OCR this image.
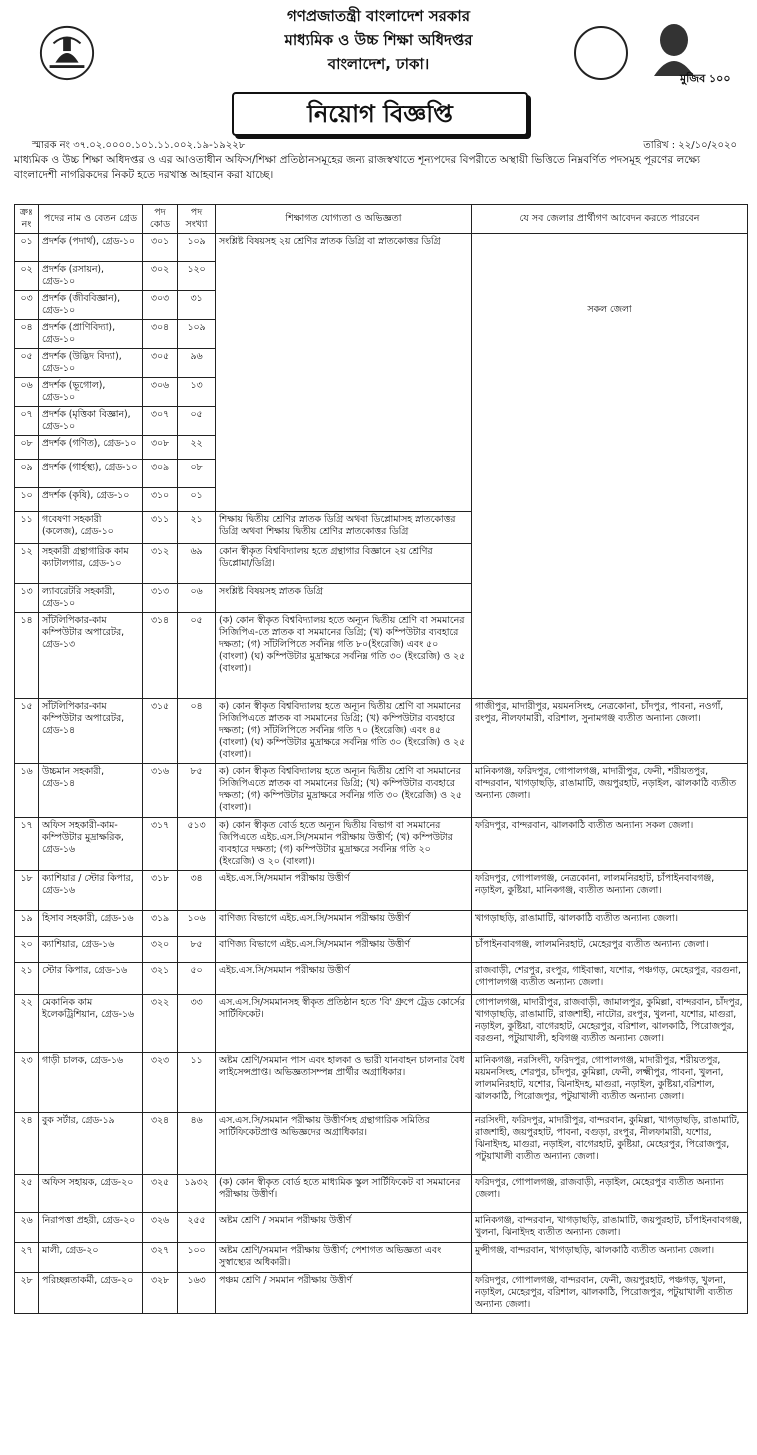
মুজিব ১০০
গণপ্রজাতন্ত্রী বাংলাদেশ সরকার
মাধ্যমিক ও উচ্চ শিক্ষা অধিদপ্তর
বাংলাদেশ, ঢাকা।
নিয়োগ বিজ্ঞপ্তি
স্মারক নং ৩৭.০২.০০০০.১০১.১১.০০২.১৯-১৯২২৮	তারিখ : ২২/১০/২০২০
মাধ্যমিক ও উচ্চ শিক্ষা অধিদপ্তর ও এর আওতাধীন অফিস/শিক্ষা প্রতিষ্ঠানসমূহের জন্য রাজস্বখাতে শূন্যপদের বিপরীতে অস্থায়ী ভিত্তিতে নিম্নবর্ণিত পদসমূহ পূরণের লক্ষ্যে বাংলাদেশী নাগরিকদের নিকট হতে দরখাস্ত আহবান করা যাচ্ছে।
ক্রঃ নং	পদের নাম ও বেতন গ্রেড	পদ কোড	পদ সংখ্যা	শিক্ষাগত যোগ্যতা ও অভিজ্ঞতা	যে সব জেলার প্রার্থীগণ আবেদন করতে পারবেন
০১	প্রদর্শক (পদার্থ), গ্রেড-১০	৩০১	১০৯	সংশ্লিষ্ট বিষয়সহ ২য় শ্রেণির স্নাতক ডিগ্রি বা স্নাতকোত্তর ডিগ্রি	সকল জেলা
০২	প্রদর্শক (রসায়ন), গ্রেড-১০	৩০২	১২০		
০৩	প্রদর্শক (জীববিজ্ঞান), গ্রেড-১০	৩০৩	৩১		
০৪	প্রদর্শক (প্রাণিবিদ্যা), গ্রেড-১০	৩০৪	১০৯		
০৫	প্রদর্শক (উদ্ভিদ বিদ্যা), গ্রেড-১০	৩০৫	৯৬		
০৬	প্রদর্শক (ভূগোল), গ্রেড-১০	৩০৬	১৩		
০৭	প্রদর্শক (মৃত্তিকা বিজ্ঞান), গ্রেড-১০	৩০৭	০৫		
০৮	প্রদর্শক (গণিত), গ্রেড-১০	৩০৮	২২		
০৯	প্রদর্শক (গার্হস্থ্য), গ্রেড-১০	৩০৯	০৮		
১০	প্রদর্শক (কৃষি), গ্রেড-১০	৩১০	০১		
১১	গবেষণা সহকারী (কলেজ), গ্রেড-১০	৩১১	২১	শিক্ষায় দ্বিতীয় শ্রেণির স্নাতক ডিগ্রি অথবা ডিপ্লোমাসহ স্নাতকোত্তর ডিগ্রি অথবা শিক্ষায় দ্বিতীয় শ্রেণির স্নাতকোত্তর ডিগ্রি	
১২	সহকারী গ্রন্থাগারিক কাম ক্যাটালগার, গ্রেড-১০	৩১২	৬৯	কোন স্বীকৃত বিশ্ববিদ্যালয় হতে গ্রন্থাগার বিজ্ঞানে ২য় শ্রেণির ডিপ্লোমা/ডিগ্রি।	
১৩	ল্যাবরেটরি সহকারী, গ্রেড-১০	৩১৩	০৬	সংশ্লিষ্ট বিষয়সহ স্নাতক ডিগ্রি	
১৪	সাঁটলিপিকার-কাম কম্পিউটার অপারেটর, গ্রেড-১৩	৩১৪	০৫	(ক) কোন স্বীকৃত বিশ্ববিদ্যালয় হতে অন্যূন দ্বিতীয় শ্রেণি বা সমমানের সিজিপিএ-তে স্নাতক বা সমমানের ডিগ্রি; (খ) কম্পিউটার ব্যবহারে দক্ষতা; (গ) সাঁটলিপিতে সর্বনিম্ন গতি ৮০(ইংরেজি) এবং ৫০ (বাংলা) (ঘ) কম্পিউটার মুদ্রাক্ষরে সর্বনিম্ন গতি ৩০ (ইংরেজি) ও ২৫ (বাংলা)।	
১৫	সাঁটলিপিকার-কাম কম্পিউটার অপারেটর, গ্রেড-১৪	৩১৫	০৪	ক) কোন স্বীকৃত বিশ্ববিদ্যালয় হতে অন্যূন দ্বিতীয় শ্রেণি বা সমমানের সিজিপিএতে স্নাতক বা সমমানের ডিগ্রি; (খ) কম্পিউটার ব্যবহারে দক্ষতা; (গ) সাঁটলিপিতে সর্বনিম্ন গতি ৭০ (ইংরেজি) এবং ৪৫ (বাংলা) (ঘ) কম্পিউটার মুদ্রাক্ষরে সর্বনিম্ন গতি ৩০ (ইংরেজি) ও ২৫ (বাংলা)।	গাজীপুর, মাদারীপুর, ময়মনসিংহ, নেত্রকোনা, চাঁদপুর, পাবনা, নওগাঁ, রংপুর, নীলফামারী, বরিশাল, সুনামগঞ্জ ব্যতীত অন্যান্য জেলা।
১৬	উচ্চমান সহকারী, গ্রেড-১৪	৩১৬	৮৫	ক) কোন স্বীকৃত বিশ্ববিদ্যালয় হতে অন্যূন দ্বিতীয় শ্রেণি বা সমমানের সিজিপিএতে স্নাতক বা সমমানের ডিগ্রি; (খ) কম্পিউটার ব্যবহারে দক্ষতা; (গ) কম্পিউটার মুদ্রাক্ষরে সর্বনিম্ন গতি ৩০ (ইংরেজি) ও ২৫ (বাংলা)।	মানিকগঞ্জ, ফরিদপুর, গোপালগঞ্জ, মাদারীপুর, ফেনী, শরীয়তপুর, বান্দরবান, খাগড়াছড়ি, রাঙামাটি, জয়পুরহাট, নড়াইল, ঝালকাঠি ব্যতীত অন্যান্য জেলা।
১৭	অফিস সহকারী-কাম-কম্পিউটার মুদ্রাক্ষরিক, গ্রেড-১৬	৩১৭	৫১৩	ক) কোন স্বীকৃত বোর্ড হতে অন্যূন দ্বিতীয় বিভাগ বা সমমানের জিপিএতে এইচ.এস.সি/সমমান পরীক্ষায় উত্তীর্ণ; (খ) কম্পিউটার ব্যবহারে দক্ষতা; (গ) কম্পিউটার মুদ্রাক্ষরে সর্বনিম্ন গতি ২০ (ইংরেজি) ও ২০ (বাংলা)।	ফরিদপুর, বান্দরবান, ঝালকাঠি ব্যতীত অন্যান্য সকল জেলা।
১৮	ক্যাশিয়ার / স্টোর কিপার, গ্রেড-১৬	৩১৮	৩৪	এইচ.এস.সি/সমমান পরীক্ষায় উত্তীর্ণ	ফরিদপুর, গোপালগঞ্জ, নেত্রকোনা, লালমনিরহাট, চাঁপাইনবাবগঞ্জ, নড়াইল, কুষ্টিয়া, মানিকগঞ্জ, ব্যতীত অন্যান্য জেলা।
১৯	হিসাব সহকারী, গ্রেড-১৬	৩১৯	১০৬	বাণিজ্য বিভাগে এইচ.এস.সি/সমমান পরীক্ষায় উত্তীর্ণ	খাগড়াছড়ি, রাঙামাটি, ঝালকাঠি ব্যতীত অন্যান্য জেলা।
২০	ক্যাশিয়ার, গ্রেড-১৬	৩২০	৮৫	বাণিজ্য বিভাগে এইচ.এস.সি/সমমান পরীক্ষায় উত্তীর্ণ	চাঁপাইনবাবগঞ্জ, লালমনিরহাট, মেহেরপুর ব্যতীত অন্যান্য জেলা।
২১	স্টোর কিপার, গ্রেড-১৬	৩২১	৫০	এইচ.এস.সি/সমমান পরীক্ষায় উত্তীর্ণ	রাজবাড়ী, শেরপুর, রংপুর, গাইবান্ধা, যশোর, পঞ্চগড়, মেহেরপুর, বরগুনা, গোপালগঞ্জ ব্যতীত অন্যান্য জেলা।
২২	মেকানিক কাম ইলেকট্রিশিয়ান, গ্রেড-১৬	৩২২	৩৩	এস.এস.সি/সমমানসহ স্বীকৃত প্রতিষ্ঠান হতে 'বি' গ্রুপে ট্রেড কোর্সের সার্টিফিকেট।	গোপালগঞ্জ, মাদারীপুর, রাজবাড়ী, জামালপুর, কুমিল্লা, বান্দরবান, চাঁদপুর, খাগড়াছড়ি, রাঙামাটি, রাজশাহী, নাটোর, রংপুর, খুলনা, যশোর, মাগুরা, নড়াইল, কুষ্টিয়া, বাগেরহাট, মেহেরপুর, বরিশাল, ঝালকাঠি, পিরোজপুর, বরগুনা, পটুয়াখালী, হবিগঞ্জ ব্যতীত অন্যান্য জেলা।
২৩	গাড়ী চালক, গ্রেড-১৬	৩২৩	১১	অষ্টম শ্রেণি/সমমান পাস এবং হালকা ও ভারী যানবাহন চালনার বৈধ লাইসেন্সপ্রাপ্ত। অভিজ্ঞতাসম্পন্ন প্রার্থীর অগ্রাধিকার।	মানিকগঞ্জ, নরসিংদী, ফরিদপুর, গোপালগঞ্জ, মাদারীপুর, শরীয়তপুর, ময়মনসিংহ, শেরপুর, চাঁদপুর, কুমিল্লা, ফেনী, লক্ষ্মীপুর, পাবনা, খুলনা, লালমনিরহাট, যশোর, ঝিনাইদহ, মাগুরা, নড়াইল, কুষ্টিয়া,বরিশাল, ঝালকাঠি, পিরোজপুর, পটুয়াখালী ব্যতীত অন্যান্য জেলা।
২৪	বুক সর্টার, গ্রেড-১৯	৩২৪	৪৬	এস.এস.সি/সমমান পরীক্ষায় উত্তীর্ণসহ গ্রন্থাগারিক সমিতির সার্টিফিকেটপ্রাপ্ত অভিজ্ঞদের অগ্রাধিকার।	নরসিংদী, ফরিদপুর, মাদারীপুর, বান্দরবান, কুমিল্লা, খাগড়াছড়ি, রাঙামাটি, রাজশাহী, জয়পুরহাট, পাবনা, বগুড়া, রংপুর, নীলফামারী, যশোর, ঝিনাইদহ, মাগুরা, নড়াইল, বাগেরহাট, কুষ্টিয়া, মেহেরপুর, পিরোজপুর, পটুয়াখালী ব্যতীত অন্যান্য জেলা।
২৫	অফিস সহায়ক, গ্রেড-২০	৩২৫	১৯৩২	(ক) কোন স্বীকৃত বোর্ড হতে মাধ্যমিক স্কুল সার্টিফিকেট বা সমমানের পরীক্ষায় উত্তীর্ণ।	ফরিদপুর, গোপালগঞ্জ, রাজবাড়ী, নড়াইল, মেহেরপুর ব্যতীত অন্যান্য জেলা।
২৬	নিরাপত্তা প্রহরী, গ্রেড-২০	৩২৬	২৫৫	অষ্টম শ্রেণি / সমমান পরীক্ষায় উত্তীর্ণ	মানিকগঞ্জ, বান্দরবান, খাগড়াছড়ি, রাঙামাটি, জয়পুরহাট, চাঁপাইনবাবগঞ্জ, খুলনা, ঝিনাইদহ ব্যতীত অন্যান্য জেলা।
২৭	মালী, গ্রেড-২০	৩২৭	১০০	অষ্টম শ্রেণি/সমমান পরীক্ষায় উত্তীর্ণ; পেশাগত অভিজ্ঞতা এবং সুস্বাস্থ্যের অধিকারী।	মুন্সীগঞ্জ, বান্দরবান, খাগড়াছড়ি, ঝালকাঠি ব্যতীত অন্যান্য জেলা।
২৮	পরিচ্ছন্নতাকর্মী, গ্রেড-২০	৩২৮	১৬৩	পঞ্চম শ্রেণি / সমমান পরীক্ষায় উত্তীর্ণ	ফরিদপুর, গোপালগঞ্জ, বান্দরবান, ফেনী, জয়পুরহাট, পঞ্চগড়, খুলনা, নড়াইল, মেহেরপুর, বরিশাল, ঝালকাঠি, পিরোজপুর, পটুয়াখালী ব্যতীত অন্যান্য জেলা।
